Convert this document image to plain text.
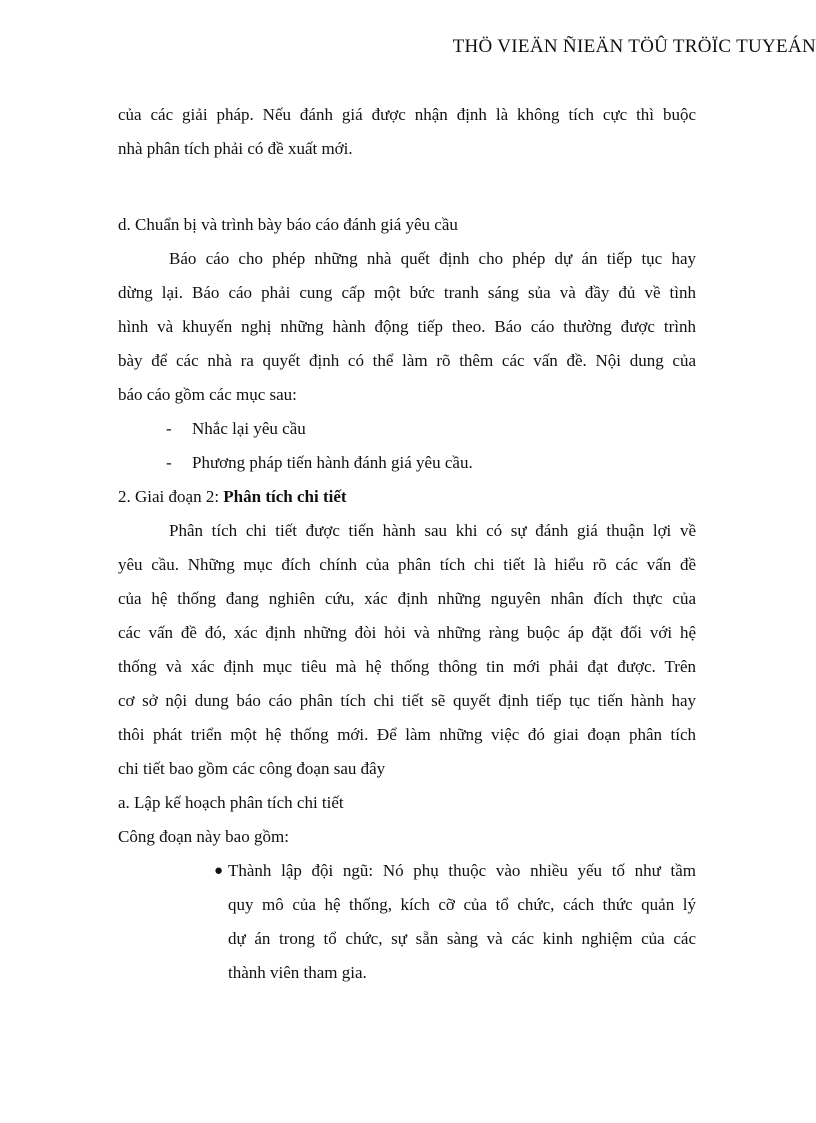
THÖ VIEÄN ÑIEÄN TÖÛ TRÖÏC TUYEÁN
của các giải pháp. Nếu đánh giá được nhận định là không tích cực thì buộc
nhà phân tích phải có đề xuất mới.
d. Chuẩn bị và trình bày báo cáo đánh giá yêu cầu
Báo cáo cho phép những nhà quết định cho phép dự án tiếp tục hay
dừng lại. Báo cáo phải cung cấp một bức tranh sáng sủa và đầy đủ về tình
hình và khuyến nghị những hành động tiếp theo. Báo cáo thường được trình
bày để các nhà ra quyết định có thể làm rõ thêm các vấn đề. Nội dung của
báo cáo gồm các mục sau:
- Nhắc lại yêu cầu
- Phương pháp tiến hành đánh giá yêu cầu.
2. Giai đoạn 2: Phân tích chi tiết
Phân tích chi tiết được tiến hành sau khi có sự đánh giá thuận lợi về
yêu cầu. Những mục đích chính của phân tích chi tiết là hiểu rõ các vấn đề
của hệ thống đang nghiên cứu, xác định những nguyên nhân đích thực của
các vấn đề đó, xác định những đòi hỏi và những ràng buộc áp đặt đối với hệ
thống và xác định mục tiêu mà hệ thống thông tin mới phải đạt được. Trên
cơ sở nội dung báo cáo phân tích chi tiết sẽ quyết định tiếp tục tiến hành hay
thôi phát triển một hệ thống mới. Để làm những việc đó giai đoạn phân tích
chi tiết bao gồm các công đoạn sau đây
a. Lập kế hoạch phân tích chi tiết
Công đoạn này bao gồm:
● Thành lập đội ngũ: Nó phụ thuộc vào nhiều yếu tố như tầm
quy mô của hệ thống, kích cỡ của tổ chức, cách thức quản lý
dự án trong tổ chức, sự sẵn sàng và các kinh nghiệm của các
thành viên tham gia.
